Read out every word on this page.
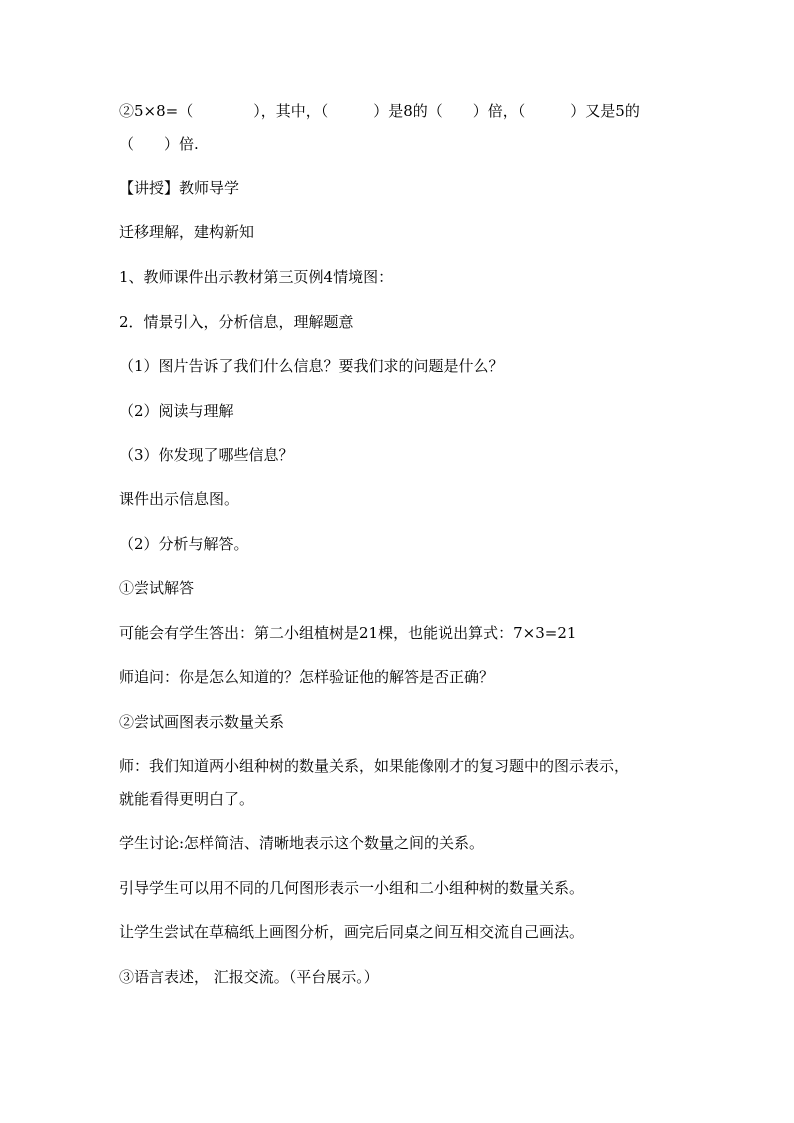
②5×8=（　　　　），其中，（　　　）是8的（　　）倍，（　　　）又是5的
（　　）倍.
【讲授】教师导学
迁移理解，建构新知
1、教师课件出示教材第三页例4情境图：
2．情景引入，分析信息，理解题意
（1）图片告诉了我们什么信息？要我们求的问题是什么？
（2）阅读与理解
（3）你发现了哪些信息？
课件出示信息图。
（2）分析与解答。
①尝试解答
可能会有学生答出：第二小组植树是21棵，也能说出算式：7×3=21
师追问：你是怎么知道的？怎样验证他的解答是否正确？
②尝试画图表示数量关系
师：我们知道两小组种树的数量关系，如果能像刚才的复习题中的图示表示，
就能看得更明白了。
学生讨论:怎样简洁、清晰地表示这个数量之间的关系。
引导学生可以用不同的几何图形表示一小组和二小组种树的数量关系。
让学生尝试在草稿纸上画图分析，画完后同桌之间互相交流自己画法。
③语言表述， 汇报交流。（平台展示。）
